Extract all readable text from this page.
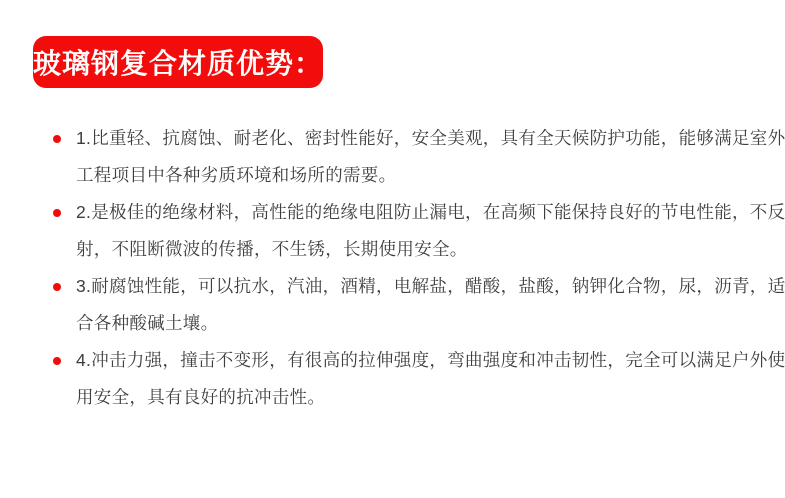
玻璃钢复合材质优势：
1.比重轻、抗腐蚀、耐老化、密封性能好，安全美观，具有全天候防护功能，能够满足室外
工程项目中各种劣质环境和场所的需要。
2.是极佳的绝缘材料，高性能的绝缘电阻防止漏电，在高频下能保持良好的节电性能，不反
射，不阻断微波的传播，不生锈，长期使用安全。
3.耐腐蚀性能，可以抗水，汽油，酒精，电解盐，醋酸，盐酸，钠钾化合物，尿，沥青，适
合各种酸碱土壤。
4.冲击力强，撞击不变形，有很高的拉伸强度，弯曲强度和冲击韧性，完全可以满足户外使
用安全，具有良好的抗冲击性。
